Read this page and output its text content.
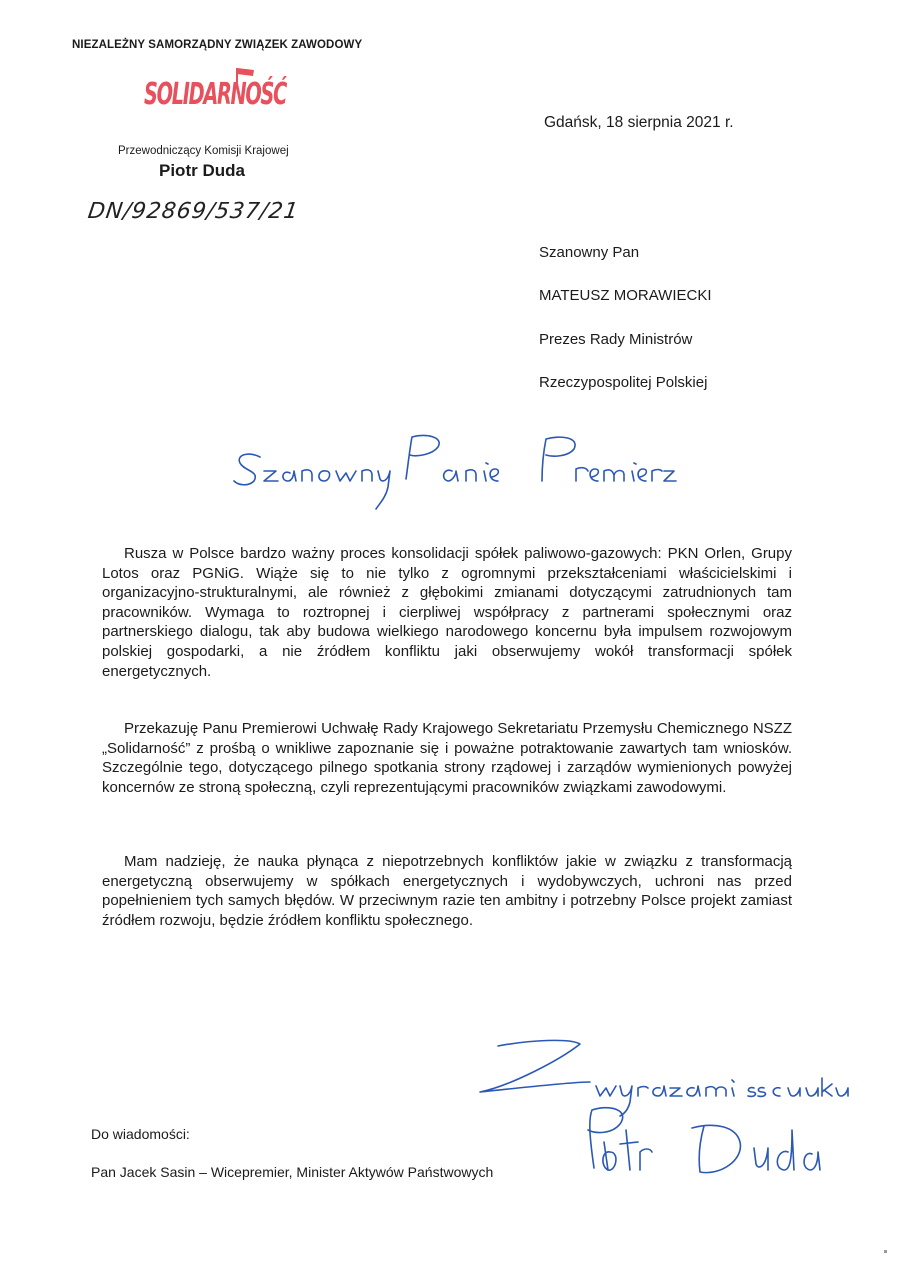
NIEZALEŻNY SAMORZĄDNY ZWIĄZEK ZAWODOWY
SOLIDARNOŚĆ
Przewodniczący Komisji Krajowej
Piotr Duda
DN/92869/537/21
Gdańsk, 18 sierpnia 2021 r.
Szanowny Pan
MATEUSZ MORAWIECKI
Prezes Rady Ministrów
Rzeczypospolitej Polskiej
Szanowny Panie Premierze

Rusza w Polsce bardzo ważny proces konsolidacji spółek paliwowo-gazowych: PKN Orlen, Grupy Lotos oraz PGNiG. Wiąże się to nie tylko z ogromnymi przekształceniami właścicielskimi i organizacyjno-strukturalnymi, ale również z głębokimi zmianami dotyczącymi zatrudnionych tam pracowników. Wymaga to roztropnej i cierpliwej współpracy z partnerami społecznymi oraz partnerskiego dialogu, tak aby budowa wielkiego narodowego koncernu była impulsem rozwojowym polskiej gospodarki, a nie źródłem konfliktu jaki obserwujemy wokół transformacji spółek energetycznych.

Przekazuję Panu Premierowi Uchwałę Rady Krajowego Sekretariatu Przemysłu Chemicznego NSZZ „Solidarność” z prośbą o wnikliwe zapoznanie się i poważne potraktowanie zawartych tam wniosków. Szczególnie tego, dotyczącego pilnego spotkania strony rządowej i zarządów wymienionych powyżej koncernów ze stroną społeczną, czyli reprezentującymi pracowników związkami zawodowymi.

Mam nadzieję, że nauka płynąca z niepotrzebnych konfliktów jakie w związku z transformacją energetyczną obserwujemy w spółkach energetycznych i wydobywczych, uchroni nas przed popełnieniem tych samych błędów. W przeciwnym razie ten ambitny i potrzebny Polsce projekt zamiast źródłem rozwoju, będzie źródłem konfliktu społecznego.

Z wyrazami szacunku
Piotr Duda
Do wiadomości:
Pan Jacek Sasin – Wicepremier, Minister Aktywów Państwowych
